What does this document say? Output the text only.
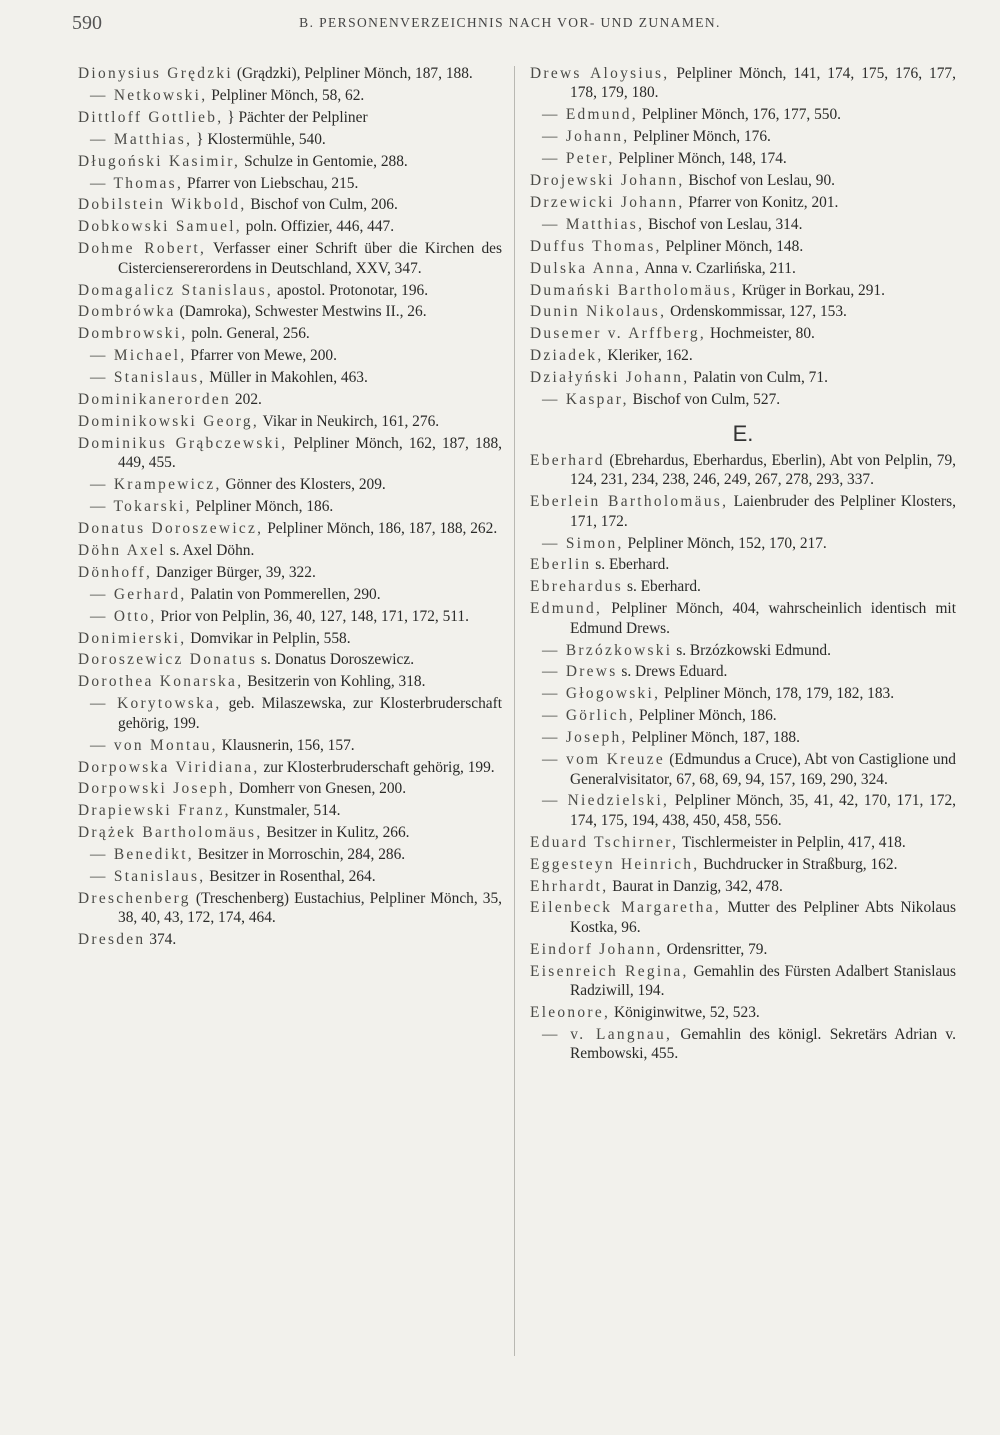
590	B. PERSONENVERZEICHNIS NACH VOR- UND ZUNAMEN.

Dionysius Grędzki (Grądzki), Pelpliner Mönch, 187, 188.

— Netkowski, Pelpliner Mönch, 58, 62.

Dittloff Gottlieb, } Pächter der Pelpliner

— Matthias, } Klostermühle, 540.

Długoński Kasimir, Schulze in Gentomie, 288.

— Thomas, Pfarrer von Liebschau, 215.

Dobilstein Wikbold, Bischof von Culm, 206.

Dobkowski Samuel, poln. Offizier, 446, 447.

Dohme Robert, Verfasser einer Schrift über die Kirchen des Cisterciensererordens in Deutschland, XXV, 347.

Domagalicz Stanislaus, apostol. Protonotar, 196.

Dombrówka (Damroka), Schwester Mestwins II., 26.

Dombrowski, poln. General, 256.

— Michael, Pfarrer von Mewe, 200.

— Stanislaus, Müller in Makohlen, 463.

Dominikanerorden 202.

Dominikowski Georg, Vikar in Neukirch, 161, 276.

Dominikus Grąbczewski, Pelpliner Mönch, 162, 187, 188, 449, 455.

— Krampewicz, Gönner des Klosters, 209.

— Tokarski, Pelpliner Mönch, 186.

Donatus Doroszewicz, Pelpliner Mönch, 186, 187, 188, 262.

Döhn Axel s. Axel Döhn.

Dönhoff, Danziger Bürger, 39, 322.

— Gerhard, Palatin von Pommerellen, 290.

— Otto, Prior von Pelplin, 36, 40, 127, 148, 171, 172, 511.

Donimierski, Domvikar in Pelplin, 558.

Doroszewicz Donatus s. Donatus Doroszewicz.

Dorothea Konarska, Besitzerin von Kohling, 318.

— Korytowska, geb. Milaszewska, zur Klosterbruderschaft gehörig, 199.

— von Montau, Klausnerin, 156, 157.

Dorpowska Viridiana, zur Klosterbruderschaft gehörig, 199.

Dorpowski Joseph, Domherr von Gnesen, 200.

Drapiewski Franz, Kunstmaler, 514.

Drążek Bartholomäus, Besitzer in Kulitz, 266.

— Benedikt, Besitzer in Morroschin, 284, 286.

— Stanislaus, Besitzer in Rosenthal, 264.

Dreschenberg (Treschenberg) Eustachius, Pelpliner Mönch, 35, 38, 40, 43, 172, 174, 464.

Dresden 374.

Drews Aloysius, Pelpliner Mönch, 141, 174, 175, 176, 177, 178, 179, 180.

— Edmund, Pelpliner Mönch, 176, 177, 550.

— Johann, Pelpliner Mönch, 176.

— Peter, Pelpliner Mönch, 148, 174.

Drojewski Johann, Bischof von Leslau, 90.

Drzewicki Johann, Pfarrer von Konitz, 201.

— Matthias, Bischof von Leslau, 314.

Duffus Thomas, Pelpliner Mönch, 148.

Dulska Anna, Anna v. Czarlińska, 211.

Dumański Bartholomäus, Krüger in Borkau, 291.

Dunin Nikolaus, Ordenskommissar, 127, 153.

Dusemer v. Arffberg, Hochmeister, 80.

Dziadek, Kleriker, 162.

Działyński Johann, Palatin von Culm, 71.

— Kaspar, Bischof von Culm, 527.

E.

Eberhard (Ebrehardus, Eberhardus, Eberlin), Abt von Pelplin, 79, 124, 231, 234, 238, 246, 249, 267, 278, 293, 337.

Eberlein Bartholomäus, Laienbruder des Pelpliner Klosters, 171, 172.

— Simon, Pelpliner Mönch, 152, 170, 217.

Eberlin s. Eberhard.

Ebrehardus s. Eberhard.

Edmund, Pelpliner Mönch, 404, wahrscheinlich identisch mit Edmund Drews.

— Brzózkowski s. Brzózkowski Edmund.

— Drews s. Drews Eduard.

— Głogowski, Pelpliner Mönch, 178, 179, 182, 183.

— Görlich, Pelpliner Mönch, 186.

— Joseph, Pelpliner Mönch, 187, 188.

— vom Kreuze (Edmundus a Cruce), Abt von Castiglione und Generalvisitator, 67, 68, 69, 94, 157, 169, 290, 324.

— Niedzielski, Pelpliner Mönch, 35, 41, 42, 170, 171, 172, 174, 175, 194, 438, 450, 458, 556.

Eduard Tschirner, Tischlermeister in Pelplin, 417, 418.

Eggesteyn Heinrich, Buchdrucker in Straßburg, 162.

Ehrhardt, Baurat in Danzig, 342, 478.

Eilenbeck Margaretha, Mutter des Pelpliner Abts Nikolaus Kostka, 96.

Eindorf Johann, Ordensritter, 79.

Eisenreich Regina, Gemahlin des Fürsten Adalbert Stanislaus Radziwill, 194.

Eleonore, Königinwitwe, 52, 523.

— v. Langnau, Gemahlin des königl. Sekretärs Adrian v. Rembowski, 455.
